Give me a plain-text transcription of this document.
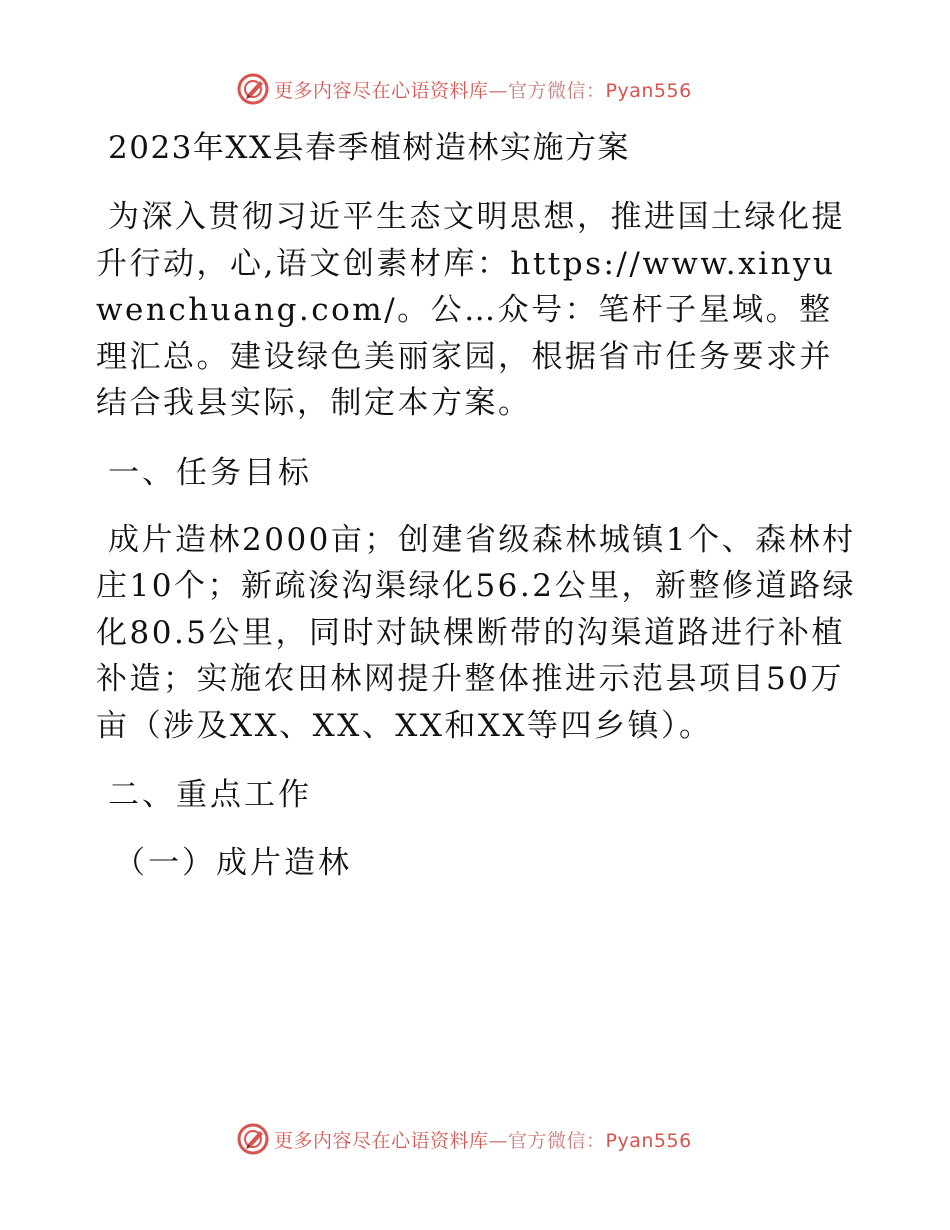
更多内容尽在心语资料库—官方微信：Pyan556
2023年XX县春季植树造林实施方案
为深入贯彻习近平生态文明思想，推进国土绿化提升行动，心,语文创素材库：https://www.xinyuwenchuang.com/。公…众号：笔杆子星域。整理汇总。建设绿色美丽家园，根据省市任务要求并结合我县实际，制定本方案。
一、任务目标
成片造林2000亩；创建省级森林城镇1个、森林村庄10个；新疏浚沟渠绿化56.2公里，新整修道路绿化80.5公里，同时对缺棵断带的沟渠道路进行补植补造；实施农田林网提升整体推进示范县项目50万亩（涉及XX、XX、XX和XX等四乡镇）。
二、重点工作
（一）成片造林
更多内容尽在心语资料库—官方微信：Pyan556
